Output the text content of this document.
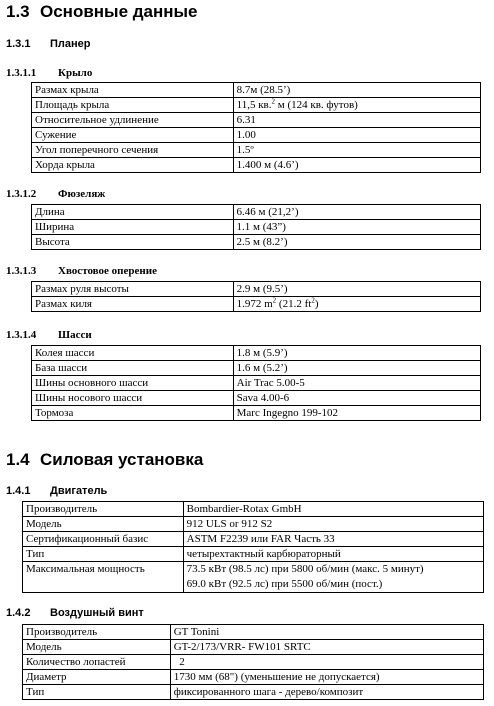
1.3 Основные данные
1.3.1 Планер
1.3.1.1 Крыло
Размах крыла	8.7м (28.5’)
Площадь крыла	11,5 кв.$^2$ м (124 кв. футов)
Относительное удлинение	6.31
Сужение	1.00
Угол поперечного сечения	1.5º
Хорда крыла	1.400 м (4.6’)
1.3.1.2 Фюзеляж
Длина	6.46 м (21,2’)
Ширина	1.1 м (43”)
Высота	2.5 м (8.2’)
1.3.1.3 Хвостовое оперение
Размах руля высоты	2.9 м (9.5’)
Размах киля	1.972 $m^2$ (21.2 $ft^2$)
1.3.1.4 Шасси
Колея шасси	1.8 м (5.9’)
База шасси	1.6 м (5.2’)
Шины основного шасси	Air Trac 5.00-5
Шины носового шасси	Sava 4.00-6
Тормоза	Marc Ingegno 199-102
1.4 Силовая установка
1.4.1 Двигатель
Производитель	Bombardier-Rotax GmbH
Модель	912 ULS or 912 S2
Сертификационный базис	ASTM F2239 или FAR Часть 33
Тип	четырехтактный карбюраторный
Максимальная мощность	73.5 кВт (98.5 лс) при 5800 об/мин (макс. 5 минут)
69.0 кВт (92.5 лс) при 5500 об/мин (пост.)
1.4.2 Воздушный винт
Производитель	GT Tonini
Модель	GT-2/173/VRR- FW101 SRTC
Количество лопастей	2
Диаметр	1730 мм (68") (уменьшение не допускается)
Тип	фиксированного шага - дерево/композит
